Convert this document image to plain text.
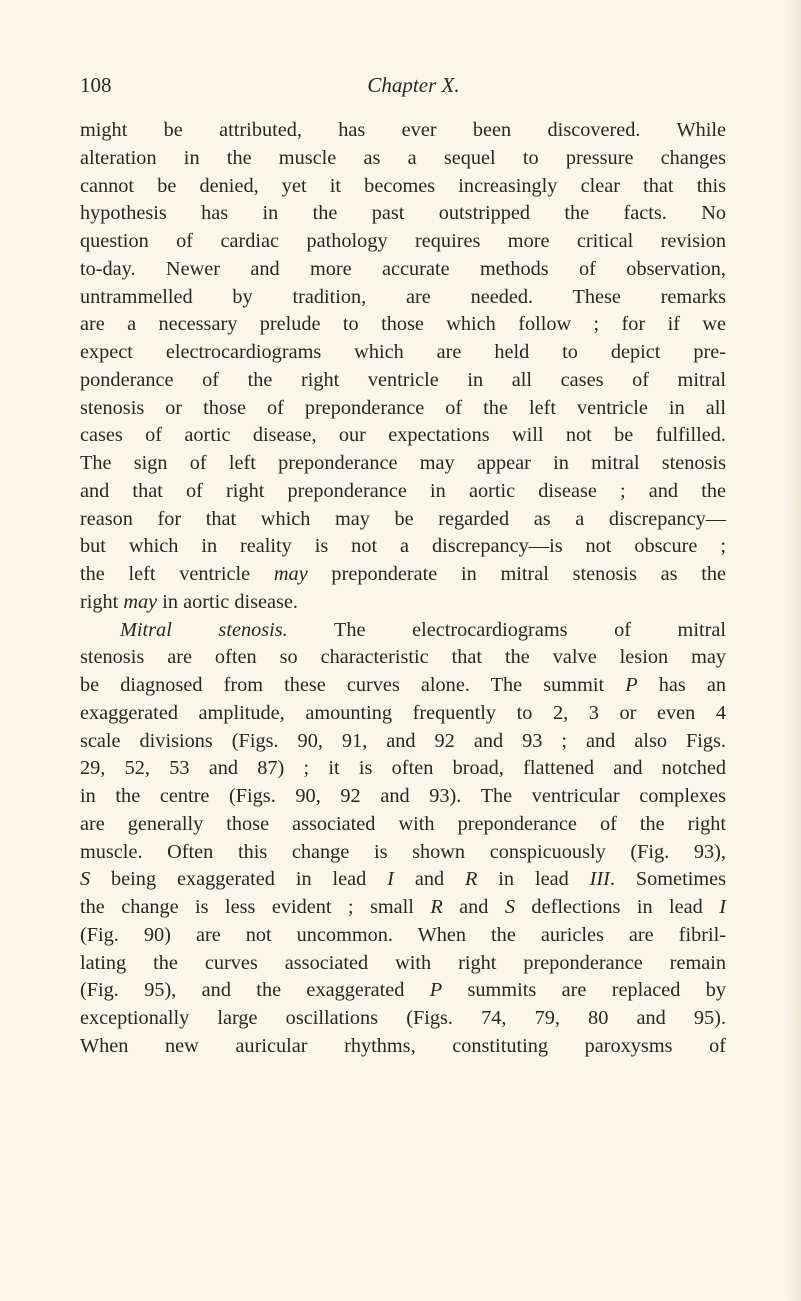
108	Chapter X.
might be attributed, has ever been discovered. While
alteration in the muscle as a sequel to pressure changes
cannot be denied, yet it becomes increasingly clear that this
hypothesis has in the past outstripped the facts. No
question of cardiac pathology requires more critical revision
to-day. Newer and more accurate methods of observation,
untrammelled by tradition, are needed. These remarks
are a necessary prelude to those which follow ; for if we
expect electrocardiograms which are held to depict pre-
ponderance of the right ventricle in all cases of mitral
stenosis or those of preponderance of the left ventricle in all
cases of aortic disease, our expectations will not be fulfilled.
The sign of left preponderance may appear in mitral stenosis
and that of right preponderance in aortic disease ; and the
reason for that which may be regarded as a discrepancy—
but which in reality is not a discrepancy—is not obscure ;
the left ventricle may preponderate in mitral stenosis as the
right may in aortic disease.
Mitral stenosis. The electrocardiograms of mitral
stenosis are often so characteristic that the valve lesion may
be diagnosed from these curves alone. The summit P has an
exaggerated amplitude, amounting frequently to 2, 3 or even 4
scale divisions (Figs. 90, 91, and 92 and 93 ; and also Figs.
29, 52, 53 and 87) ; it is often broad, flattened and notched
in the centre (Figs. 90, 92 and 93). The ventricular complexes
are generally those associated with preponderance of the right
muscle. Often this change is shown conspicuously (Fig. 93),
S being exaggerated in lead I and R in lead III. Sometimes
the change is less evident ; small R and S deflections in lead I
(Fig. 90) are not uncommon. When the auricles are fibril-
lating the curves associated with right preponderance remain
(Fig. 95), and the exaggerated P summits are replaced by
exceptionally large oscillations (Figs. 74, 79, 80 and 95).
When new auricular rhythms, constituting paroxysms of
